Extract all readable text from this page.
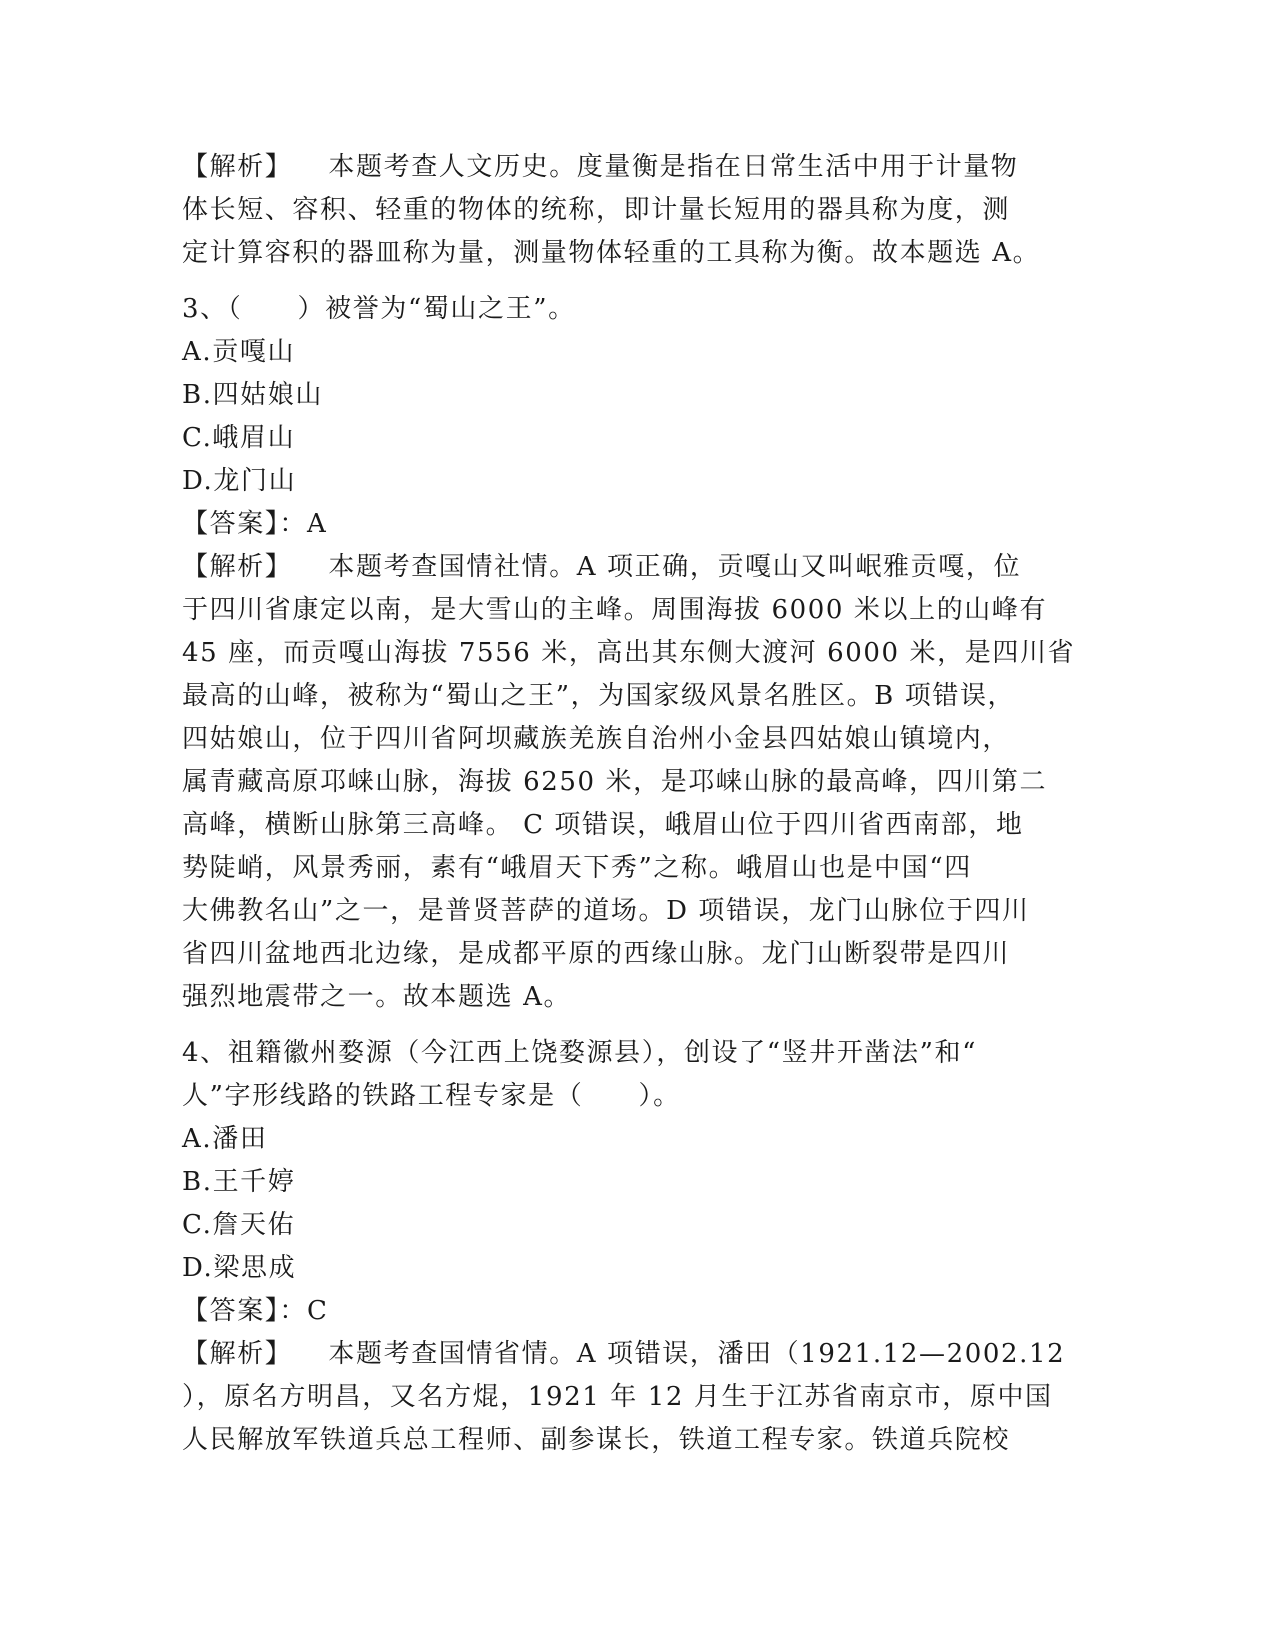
【解析】 本题考查人文历史。度量衡是指在日常生活中用于计量物
体长短、容积、轻重的物体的统称，即计量长短用的器具称为度，测
定计算容积的器皿称为量，测量物体轻重的工具称为衡。故本题选 A。
3、（　　）被誉为“蜀山之王”。
A.贡嘎山
B.四姑娘山
C.峨眉山
D.龙门山
【答案】：A
【解析】 本题考查国情社情。A 项正确，贡嘎山又叫岷雅贡嘎，位
于四川省康定以南，是大雪山的主峰。周围海拔 6000 米以上的山峰有
45 座，而贡嘎山海拔 7556 米，高出其东侧大渡河 6000 米，是四川省
最高的山峰，被称为“蜀山之王”，为国家级风景名胜区。B 项错误，
四姑娘山，位于四川省阿坝藏族羌族自治州小金县四姑娘山镇境内，
属青藏高原邛崃山脉，海拔 6250 米，是邛崃山脉的最高峰，四川第二
高峰，横断山脉第三高峰。 C 项错误，峨眉山位于四川省西南部，地
势陡峭，风景秀丽，素有“峨眉天下秀”之称。峨眉山也是中国“四
大佛教名山”之一，是普贤菩萨的道场。D 项错误，龙门山脉位于四川
省四川盆地西北边缘，是成都平原的西缘山脉。龙门山断裂带是四川
强烈地震带之一。故本题选 A。
4、祖籍徽州婺源（今江西上饶婺源县），创设了“竖井开凿法”和“
人”字形线路的铁路工程专家是（　　）。
A.潘田
B.王千婷
C.詹天佑
D.梁思成
【答案】：C
【解析】 本题考查国情省情。A 项错误，潘田（1921.12—2002.12
），原名方明昌，又名方焜，1921 年 12 月生于江苏省南京市，原中国
人民解放军铁道兵总工程师、副参谋长，铁道工程专家。铁道兵院校
